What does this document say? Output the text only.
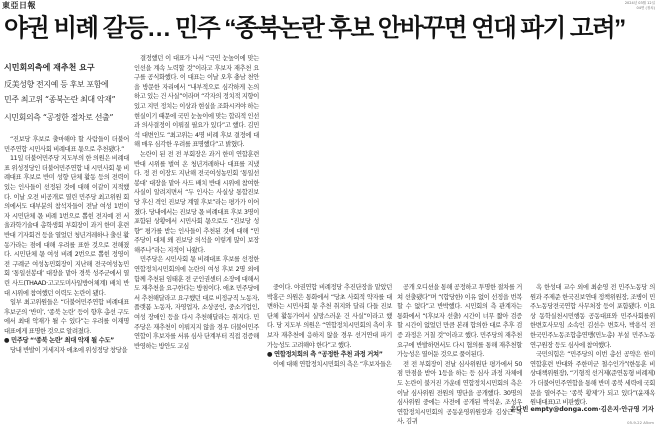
東亞日報	2024년 03월 12일
04면 (정치)
야권 비례 갈등… 민주 “종북논란 후보 안바꾸면 연대 파기 고려”
시민회의측에 재추천 요구
反美성향 전지예 등 후보 포함에
민주 최고위 “종북논란 최대 악재”
시민회의측 “공정한 절차로 선출”

“진보당 후보로 출마해야 할 사람들이 더불어민주연합 시민사회 비례대표 몫으로 추천됐다.”

11일 더불어민주당 지도부의 한 의원은 비례대표 위성정당인 더불어민주연합 내 시민사회 몫 비례대표 후보로 반미 성향 단체 활동 등의 전력이 있는 인사들이 선정된 것에 대해 이같이 지적했다. 이날 오전 비공개로 열린 민주당 최고위원 회의에서도 대부분의 참석자들이 전날 여성 1번이자 시민단체 몫 비례 1번으로 뽑힌 전지예 전 서울과학기술대 총학생회 부회장이 과거 한미 훈련 반대 기자회견 등을 열었던 청년겨레하나 출신 활동가라는 점에 대해 우려를 표한 것으로 전해졌다. 시민단체 몫 여성 비례 2번으로 뽑힌 정영이 전 구례군 여성농민회장이 지난해 전국여성농민회 ‘통일선봉대’ 대장을 맡아 경북 성주군에서 열린 사드(THAAD·고고도미사일방어체계) 배치 반대 시위에 참여했던 이력도 논란이 됐다.

일부 최고위원들은 “더불어민주연합 비례대표 후보군의 ‘반미’, ‘종북 논란’ 등이 향후 총선 구도에서 최대 악재가 될 수 있다”는 우려를 이재명 대표에게 표명한 것으로 알려졌다.

● 민주당 “‘종북 논란’ 최대 악재 될 수도”

당내 반발이 거세지자 애초에 위성정당 창당을

결정했던 이 대표가 나서 “국민 눈높이에 맞는 인선을 계속 노력할 것”이라고 후보자 재추천 요구를 공식화했다. 이 대표는 이날 오후 충남 천안을 방문한 자리에서 “내부적으로 심각하게 논의하고 있는 건 사실”이라며 “각자의 정치적 지향이 있고 지민 정치는 이상과 현실을 조화시켜야 하는 현실이기 때문에 국민 눈높이에 맞는 합리적 인선과 의사결정이 이뤄질 필요가 있다”고 했다. 김민석 대변인도 “최고위는 4명 비례 후보 결정에 대해 매우 심각한 우려를 표명했다”고 밝혔다.

논란이 된 전 전 부회장은 과거 한미 연합훈련 반대 시위를 벌여 온 청년겨레하나 대표를 지냈다. 정 전 이장도 지난해 전국여성농민회 ‘통일선봉대’ 대장을 맡아 사드 배치 반대 시위에 참여한 사실이 알려지면서 “두 인사는 사실상 통합진보당 후신 격인 진보당 계열 후보”라는 평가가 이어졌다. 당내에서는 진보당 몫 비례대표 후보 3명이 포함된 상황에서 시민사회 몫으로도 “진보당 성향” 평가를 받는 인사들이 추천된 것에 대해 “민주당이 대체 왜 진보당 의석을 이렇게 많이 보장해주나”라는 지적이 나왔다.

민주당은 시민사회 몫 비례대표 후보를 선정한 연합정치시민회의에 논란의 여성 후보 2명 외에 함께 추천된 임태훈 전 군인권센터 소장에 대해서도 재추천을 요구한다는 방침이다. 애초 민주당에서 추천해달라고 요구했던 대로 비정규직 노동자, 플랫폼 노동자, 자영업자, 소상공인, 중소기업인, 여성 장애인 등을 다시 추천해달라는 취지다. 민주당은 재추천이 이뤄지지 않을 경우 더불어민주연합이 후보자를 서류 심사 단계부터 직접 검증해 반영하는 방안도 고심

중이다. 야권연합 비례정당 추진단장을 맡았던 박홍근 의원은 통화에서 “당초 사회적 약자를 대변하는 시민사회 몫 추천 취지와 달리 다들 진보단체 활동가여서 실망스러운 건 사실”이라고 했다. 당 지도부 의원은 “연합정치시민회의 측이 후보자 재추천에 응하지 않을 경우 선거연대 파기 가능성도 고려해야 한다”고 했다.

● 연합정치회의 측 “공정한 추천 과정 거쳐”

이에 대해 연합정치시민회의 측은 “후보자들은

공개 오디션을 통해 공정하고 투명한 절차를 거쳐 선출됐다”며 “(합당한) 이유 없이 선정을 번복할 수 없다”고 반박했다. 시민회의 측 관계자는 통화에서 “(후보자 선출) 시간이 너무 짧아 검증할 시간이 없었던 만큼 본래 합의한 대로 추후 검증 과정은 거칠 것”이라고 했다. 민주당의 재추천 요구에 반발하면서도 다시 협의를 통해 재추천할 가능성은 열어둔 것으로 풀이된다.

전 전 부회장이 전날 심사위원단 평가에서 50점 만점을 받아 1등을 하는 등 심사 과정 자체에도 논란이 불거진 가운데 연합정치시민회의 측은 이날 심사위원 전원의 명단을 공개했다. 30명의 심사위원 중에는 사전에 공개된 박석운, 조성우 연합정치시민회의 공동운영위원장과 김상근 목사, 김귀

옥 한성대 교수 외에 최순영 전 민주노동당 의원과 주제준 한국진보연대 정책위원장, 조병이 민주노동당전국연합 사무처장 등이 포함됐다. 이요상 동학실천시민행동 공동대표와 민주사회를위한변호사모임 소속인 김선수 변호사, 박용석 전 한국민주노동조합총연맹(민노총) 부설 민주노동연구원장 등도 심사에 참여했다.

국민의힘은 “민주당의 이번 총선 공약은 한미 연합훈련 반대와 주한미군 철수인가”(한동훈 비상대책위원장), “기형적 선거제(준연동형 비례제)가 더불어민주연합을 통해 반미 종북 세력에 국회 문을 열어주는 ‘종북 황제’가 되고 있다”(윤재옥 원내대표)고 비판했다.

윤다빈 empty@donga.com·김은지·안규영 기자
05-9-22 A5cm
